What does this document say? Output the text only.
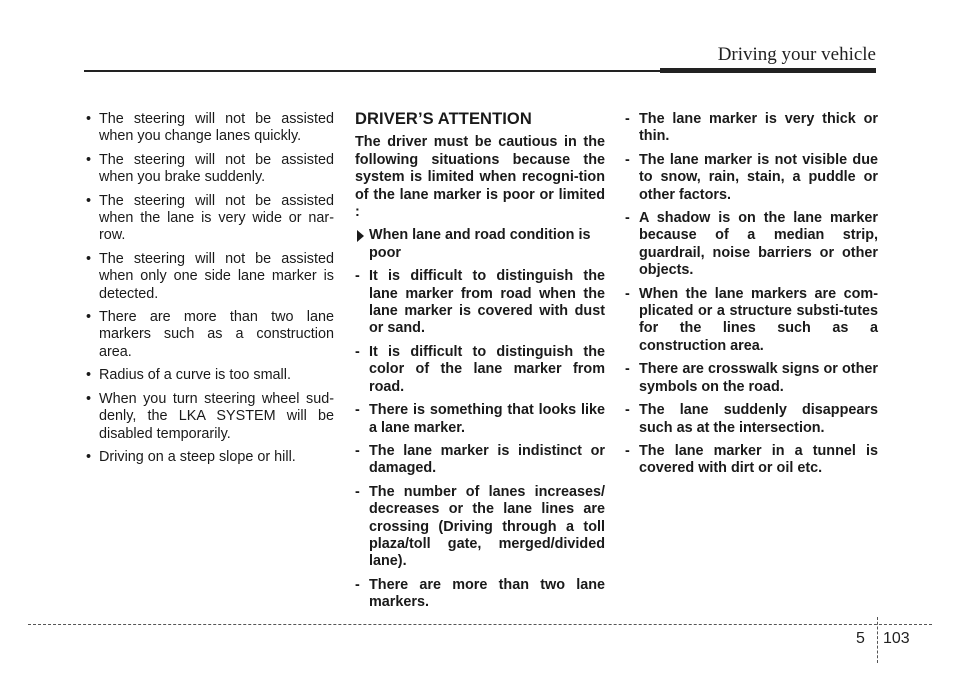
Driving your vehicle
• The steering will not be assisted when you change lanes quickly.
• The steering will not be assisted when you brake suddenly.
• The steering will not be assisted when the lane is very wide or nar-row.
• The steering will not be assisted when only one side lane marker is detected.
• There are more than two lane markers such as a construction area.
• Radius of a curve is too small.
• When you turn steering wheel sud-denly, the LKA SYSTEM will be disabled temporarily.
• Driving on a steep slope or hill.
DRIVER’S ATTENTION
The driver must be cautious in the following situations because the system is limited when recogni-tion of the lane marker is poor or limited :
When lane and road condition is poor
- It is difficult to distinguish the lane marker from road when the lane marker is covered with dust or sand.
- It is difficult to distinguish the color of the lane marker from road.
- There is something that looks like a lane marker.
- The lane marker is indistinct or damaged.
- The number of lanes increases/ decreases or the lane lines are crossing (Driving through a toll plaza/toll gate, merged/divided lane).
- There are more than two lane markers.
- The lane marker is very thick or thin.
- The lane marker is not visible due to snow, rain, stain, a puddle or other factors.
- A shadow is on the lane marker because of a median strip, guardrail, noise barriers or other objects.
- When the lane markers are com-plicated or a structure substi-tutes for the lines such as a construction area.
- There are crosswalk signs or other symbols on the road.
- The lane suddenly disappears such as at the intersection.
- The lane marker in a tunnel is covered with dirt or oil etc.
5 103
